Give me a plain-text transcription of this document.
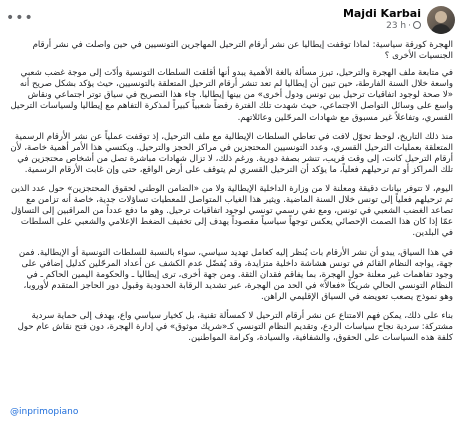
Majdi Karbai
23 h ·
•••

الهجرة كورقة سياسية: لماذا توقفت إيطاليا عن نشر أرقام الترحيل المهاجرين التونسيين في حين واصلت في نشر أرقام الجنسيات الأخرى ؟

في متابعة ملف الهجرة والترحيل، تبرز مسألة بالغة الأهمية يبدو أنها أقلقت السلطات التونسية وأدّت إلى موجة غضب شعبي واسعة خلال السنة الفارطة، حين تبين أن إيطاليا لم تعد تنشر أرقام الترحيل المتعلقة بالتونسيين، حيث يؤكد بشكل صريح أنه «لا صحة لوجود اتفاقيات ترحيل بين تونس ودول أخرى» من بينها إيطاليا. جاء هذا التصريح في سياق توتر اجتماعي ونقاش واسع على وسائل التواصل الاجتماعي، حيث شهدت تلك الفترة رفضاً شعبياً كبيراً لمذكرة التفاهم مع إيطاليا ولسياسات الترحيل القسري، وتفاعلاً غير مسبوق مع شهادات المرحّلين وعائلاتهم.

منذ ذلك التاريخ، لوحظ تحوّل لافت في تعاطي السلطات الإيطالية مع ملف الترحيل، إذ توقفت عملياً عن نشر الأرقام الرسمية المتعلقة بعمليات الترحيل القسري، وعدد التونسيين المحتجزين في مراكز الحجز والترحيل. ويكتسي هذا الأمر أهمية خاصة، لأن أرقام الترحيل كانت، إلى وقت قريب، تنشر بصفة دورية. ورغم ذلك، لا تزال شهادات مباشرة تصل من أشخاص محتجزين في تلك المراكز أو تم ترحيلهم فعلياً، ما يؤكد أن الترحيل القسري لم يتوقف على أرض الواقع، حتى وإن غابت الأرقام الرسمية.

اليوم، لا تتوفر بيانات دقيقة ومعلنة لا من وزارة الداخلية الإيطالية ولا من «الضامن الوطني لحقوق المحتجزين» حول عدد الذين تم ترحيلهم فعلياً إلى تونس خلال السنة الماضية. ويثير هذا الغياب المتواصل للمعطيات تساؤلات جدية، خاصة أنه تزامن مع تصاعد الغضب الشعبي في تونس، ومع نفي رسمي تونسي لوجود اتفاقيات ترحيل. وهو ما دفع عدداً من المراقبين إلى التساؤل عمّا إذا كان هذا الصمت الإحصائي يعكس توجهاً سياسياً مقصوداً يهدف إلى تخفيف الضغط الإعلامي والشعبي على السلطات في البلدين.

في هذا السياق، يبدو أن نشر الأرقام بات يُنظر إليه كعامل تهديد سياسي، سواء بالنسبة للسلطات التونسية أو الإيطالية. فمن جهة، يواجه النظام القائم في تونس هشاشة داخلية متزايدة، وقد يُفضّل عدم الكشف عن أعداد المرحّلين كدليل إضافي على وجود تفاهمات غير معلنة حول الهجرة، بما يفاقم فقدان الثقة. ومن جهة أخرى، ترى إيطاليا ـ والحكومة اليمين الحاكم ـ في النظام التونسي الحالي شريكاً «فعالاً» في الحد من الهجرة، عبر تشديد الرقابة الحدودية وقبول دور الحاجز المتقدم لأوروبا، وهو نموذج يصعب تعويضه في السياق الإقليمي الراهن.

بناء على ذلك، يمكن فهم الامتناع عن نشر أرقام الترحيل لا كمسألة تقنية، بل كخيار سياسي واع، يهدف إلى حماية سردية مشتركة: سردية نجاح سياسات الردع، وتقديم النظام التونسي كـ«شريك موثوق» في إدارة الهجرة، دون فتح نقاش عام حول كلفة هذه السياسات على الحقوق، والشفافية، والسيادة، وكرامة المواطنين.

@inprimopiano
